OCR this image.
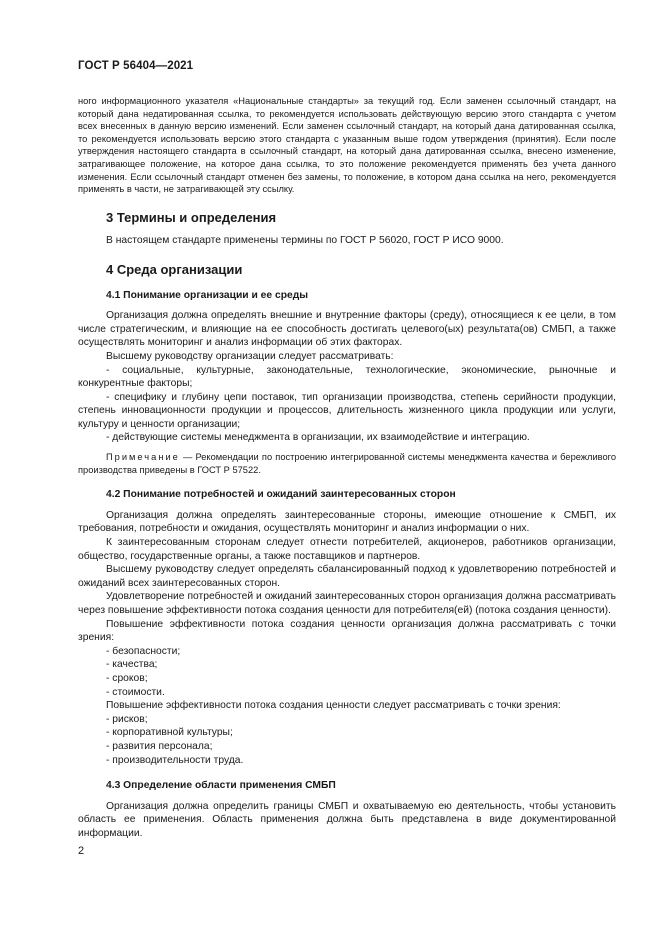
ГОСТ Р 56404—2021

ного информационного указателя «Национальные стандарты» за текущий год. Если заменен ссылочный стандарт, на который дана недатированная ссылка, то рекомендуется использовать действующую версию этого стандарта с учетом всех внесенных в данную версию изменений. Если заменен ссылочный стандарт, на который дана датированная ссылка, то рекомендуется использовать версию этого стандарта с указанным выше годом утверждения (принятия). Если после утверждения настоящего стандарта в ссылочный стандарт, на который дана датированная ссылка, внесено изменение, затрагивающее положение, на которое дана ссылка, то это положение рекомендуется применять без учета данного изменения. Если ссылочный стандарт отменен без замены, то положение, в котором дана ссылка на него, рекомендуется применять в части, не затрагивающей эту ссылку.

3 Термины и определения

В настоящем стандарте применены термины по ГОСТ Р 56020, ГОСТ Р ИСО 9000.

4 Среда организации

4.1 Понимание организации и ее среды

Организация должна определять внешние и внутренние факторы (среду), относящиеся к ее цели, в том числе стратегическим, и влияющие на ее способность достигать целевого(ых) результата(ов) СМБП, а также осуществлять мониторинг и анализ информации об этих факторах.

Высшему руководству организации следует рассматривать:

- социальные, культурные, законодательные, технологические, экономические, рыночные и конкурентные факторы;

- специфику и глубину цепи поставок, тип организации производства, степень серийности продукции, степень инновационности продукции и процессов, длительность жизненного цикла продукции или услуги, культуру и ценности организации;

- действующие системы менеджмента в организации, их взаимодействие и интеграцию.

Примечание — Рекомендации по построению интегрированной системы менеджмента качества и бережливого производства приведены в ГОСТ Р 57522.

4.2 Понимание потребностей и ожиданий заинтересованных сторон

Организация должна определять заинтересованные стороны, имеющие отношение к СМБП, их требования, потребности и ожидания, осуществлять мониторинг и анализ информации о них.

К заинтересованным сторонам следует отнести потребителей, акционеров, работников организации, общество, государственные органы, а также поставщиков и партнеров.

Высшему руководству следует определять сбалансированный подход к удовлетворению потребностей и ожиданий всех заинтересованных сторон.

Удовлетворение потребностей и ожиданий заинтересованных сторон организация должна рассматривать через повышение эффективности потока создания ценности для потребителя(ей) (потока создания ценности).

Повышение эффективности потока создания ценности организация должна рассматривать с точки зрения:

- безопасности;

- качества;

- сроков;

- стоимости.

Повышение эффективности потока создания ценности следует рассматривать с точки зрения:

- рисков;

- корпоративной культуры;

- развития персонала;

- производительности труда.

4.3 Определение области применения СМБП

Организация должна определить границы СМБП и охватываемую ею деятельность, чтобы установить область ее применения. Область применения должна быть представлена в виде документированной информации.

2
